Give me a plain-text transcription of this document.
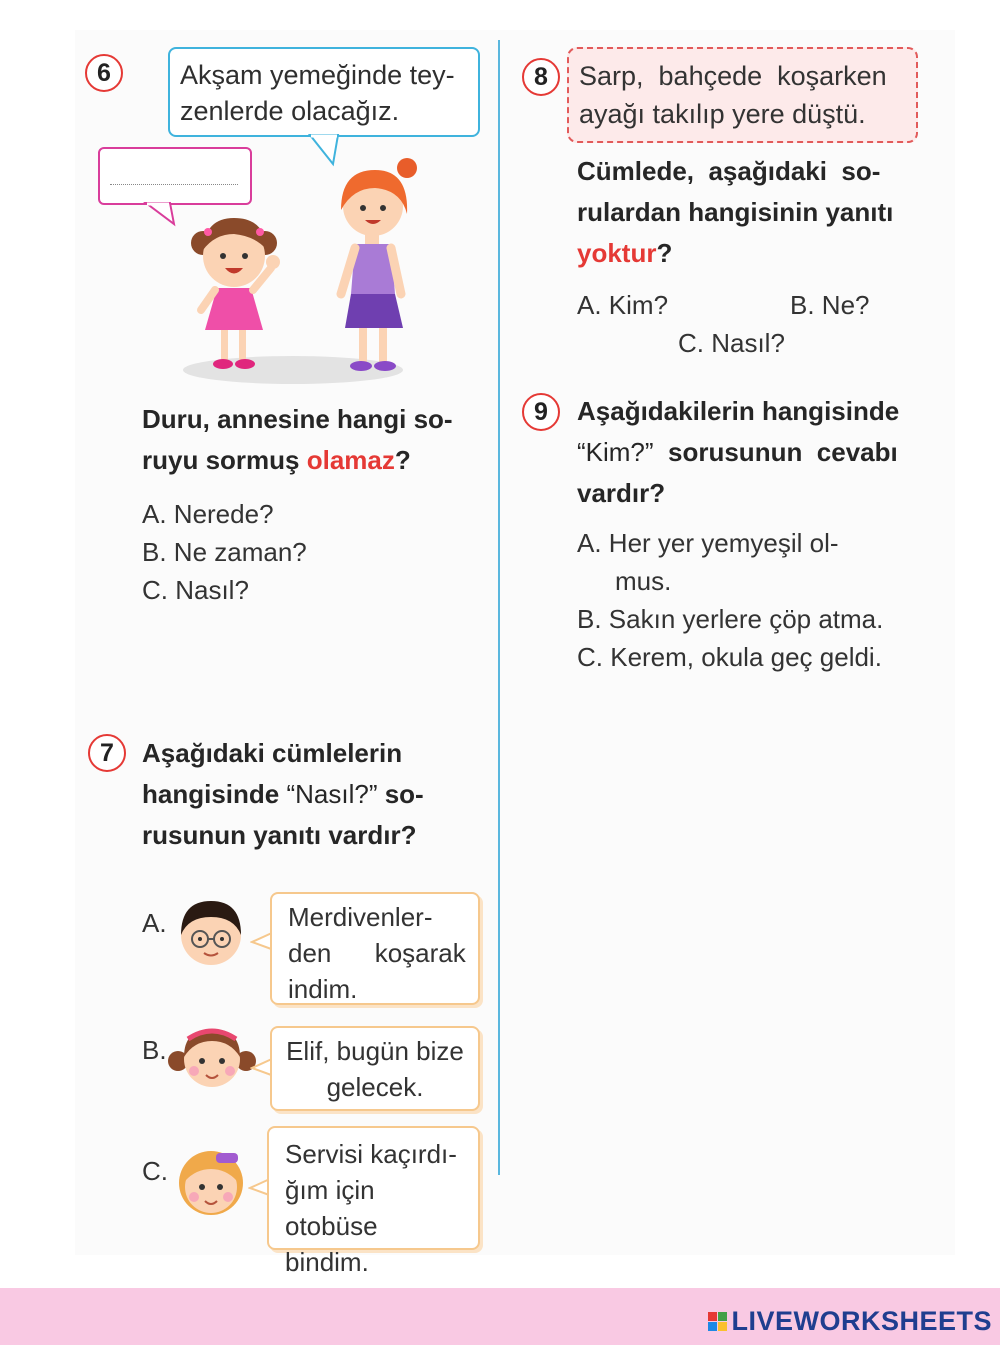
6	Akşam yemeğinde tey-
zenlerde olacağız.
Duru, annesine hangi so-
ruyu sormuş olamaz?
A. Nerede?
B. Ne zaman?
C. Nasıl?
7	Aşağıdaki cümlelerin
hangisinde “Nasıl?” so-
rusunun yanıtı vardır?
A.	Merdivenler-
den      koşarak
indim.
B.	Elif, bugün bize
gelecek.
C.
Servisi kaçırdı-
ğım için otobüse
bindim.
8	Sarp,  bahçede  koşarken
ayağı takılıp yere düştü.
Cümlede,  aşağıdaki  so-
rulardan hangisinin yanıtı
yoktur?
A. Kim?	B. Ne?
C. Nasıl?
9	Aşağıdakilerin hangisinde
“Kim?”  sorusunun  cevabı
vardır?
A. Her yer yemyeşil ol-
mus.
B. Sakın yerlere çöp atma.
C. Kerem, okula geç geldi.
LIVEWORKSHEETS
